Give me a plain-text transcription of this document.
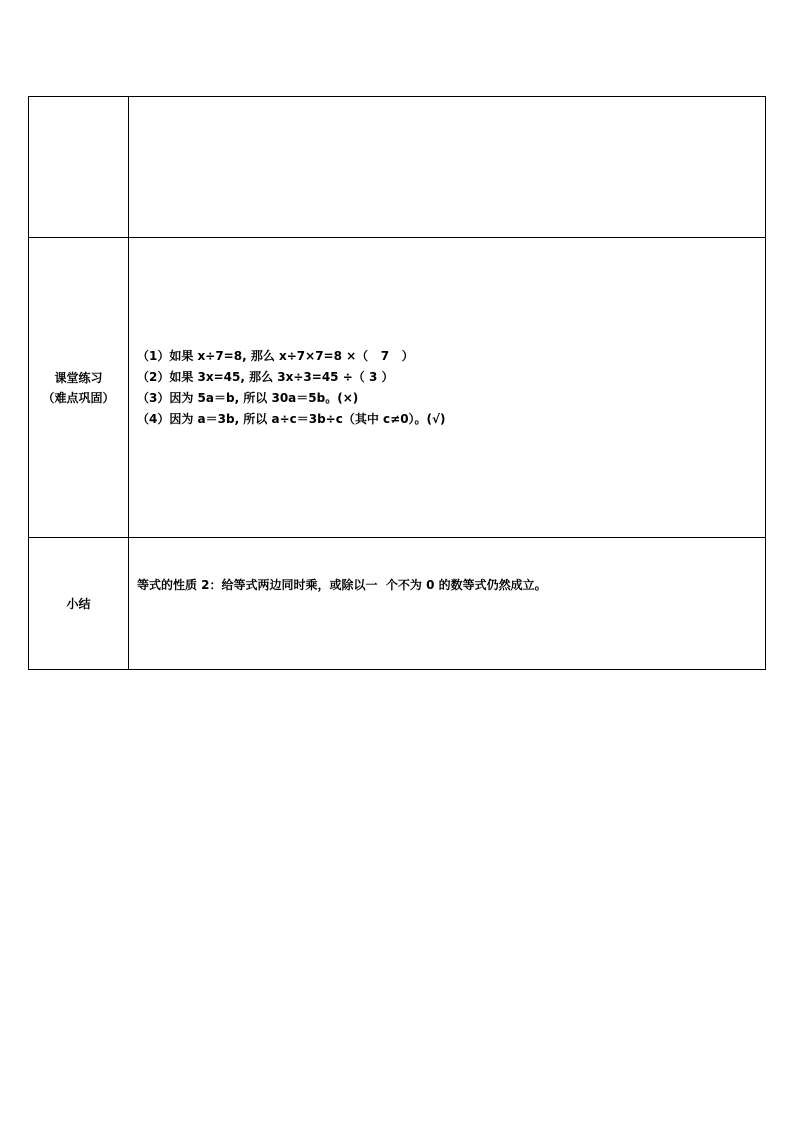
课堂练习
（难点巩固）	（1）如果 x÷7=8, 那么 x÷7×7=8 ×（   7   ）
（2）如果 3x=45, 那么 3x÷3=45 ÷（ 3 ）
（3）因为 5a＝b, 所以 30a＝5b。(×)
（4）因为 a＝3b, 所以 a÷c＝3b÷c（其中 c≠0）。(√)

小结	等式的性质 2：给等式两边同时乘，或除以一  个不为 0 的数等式仍然成立。
